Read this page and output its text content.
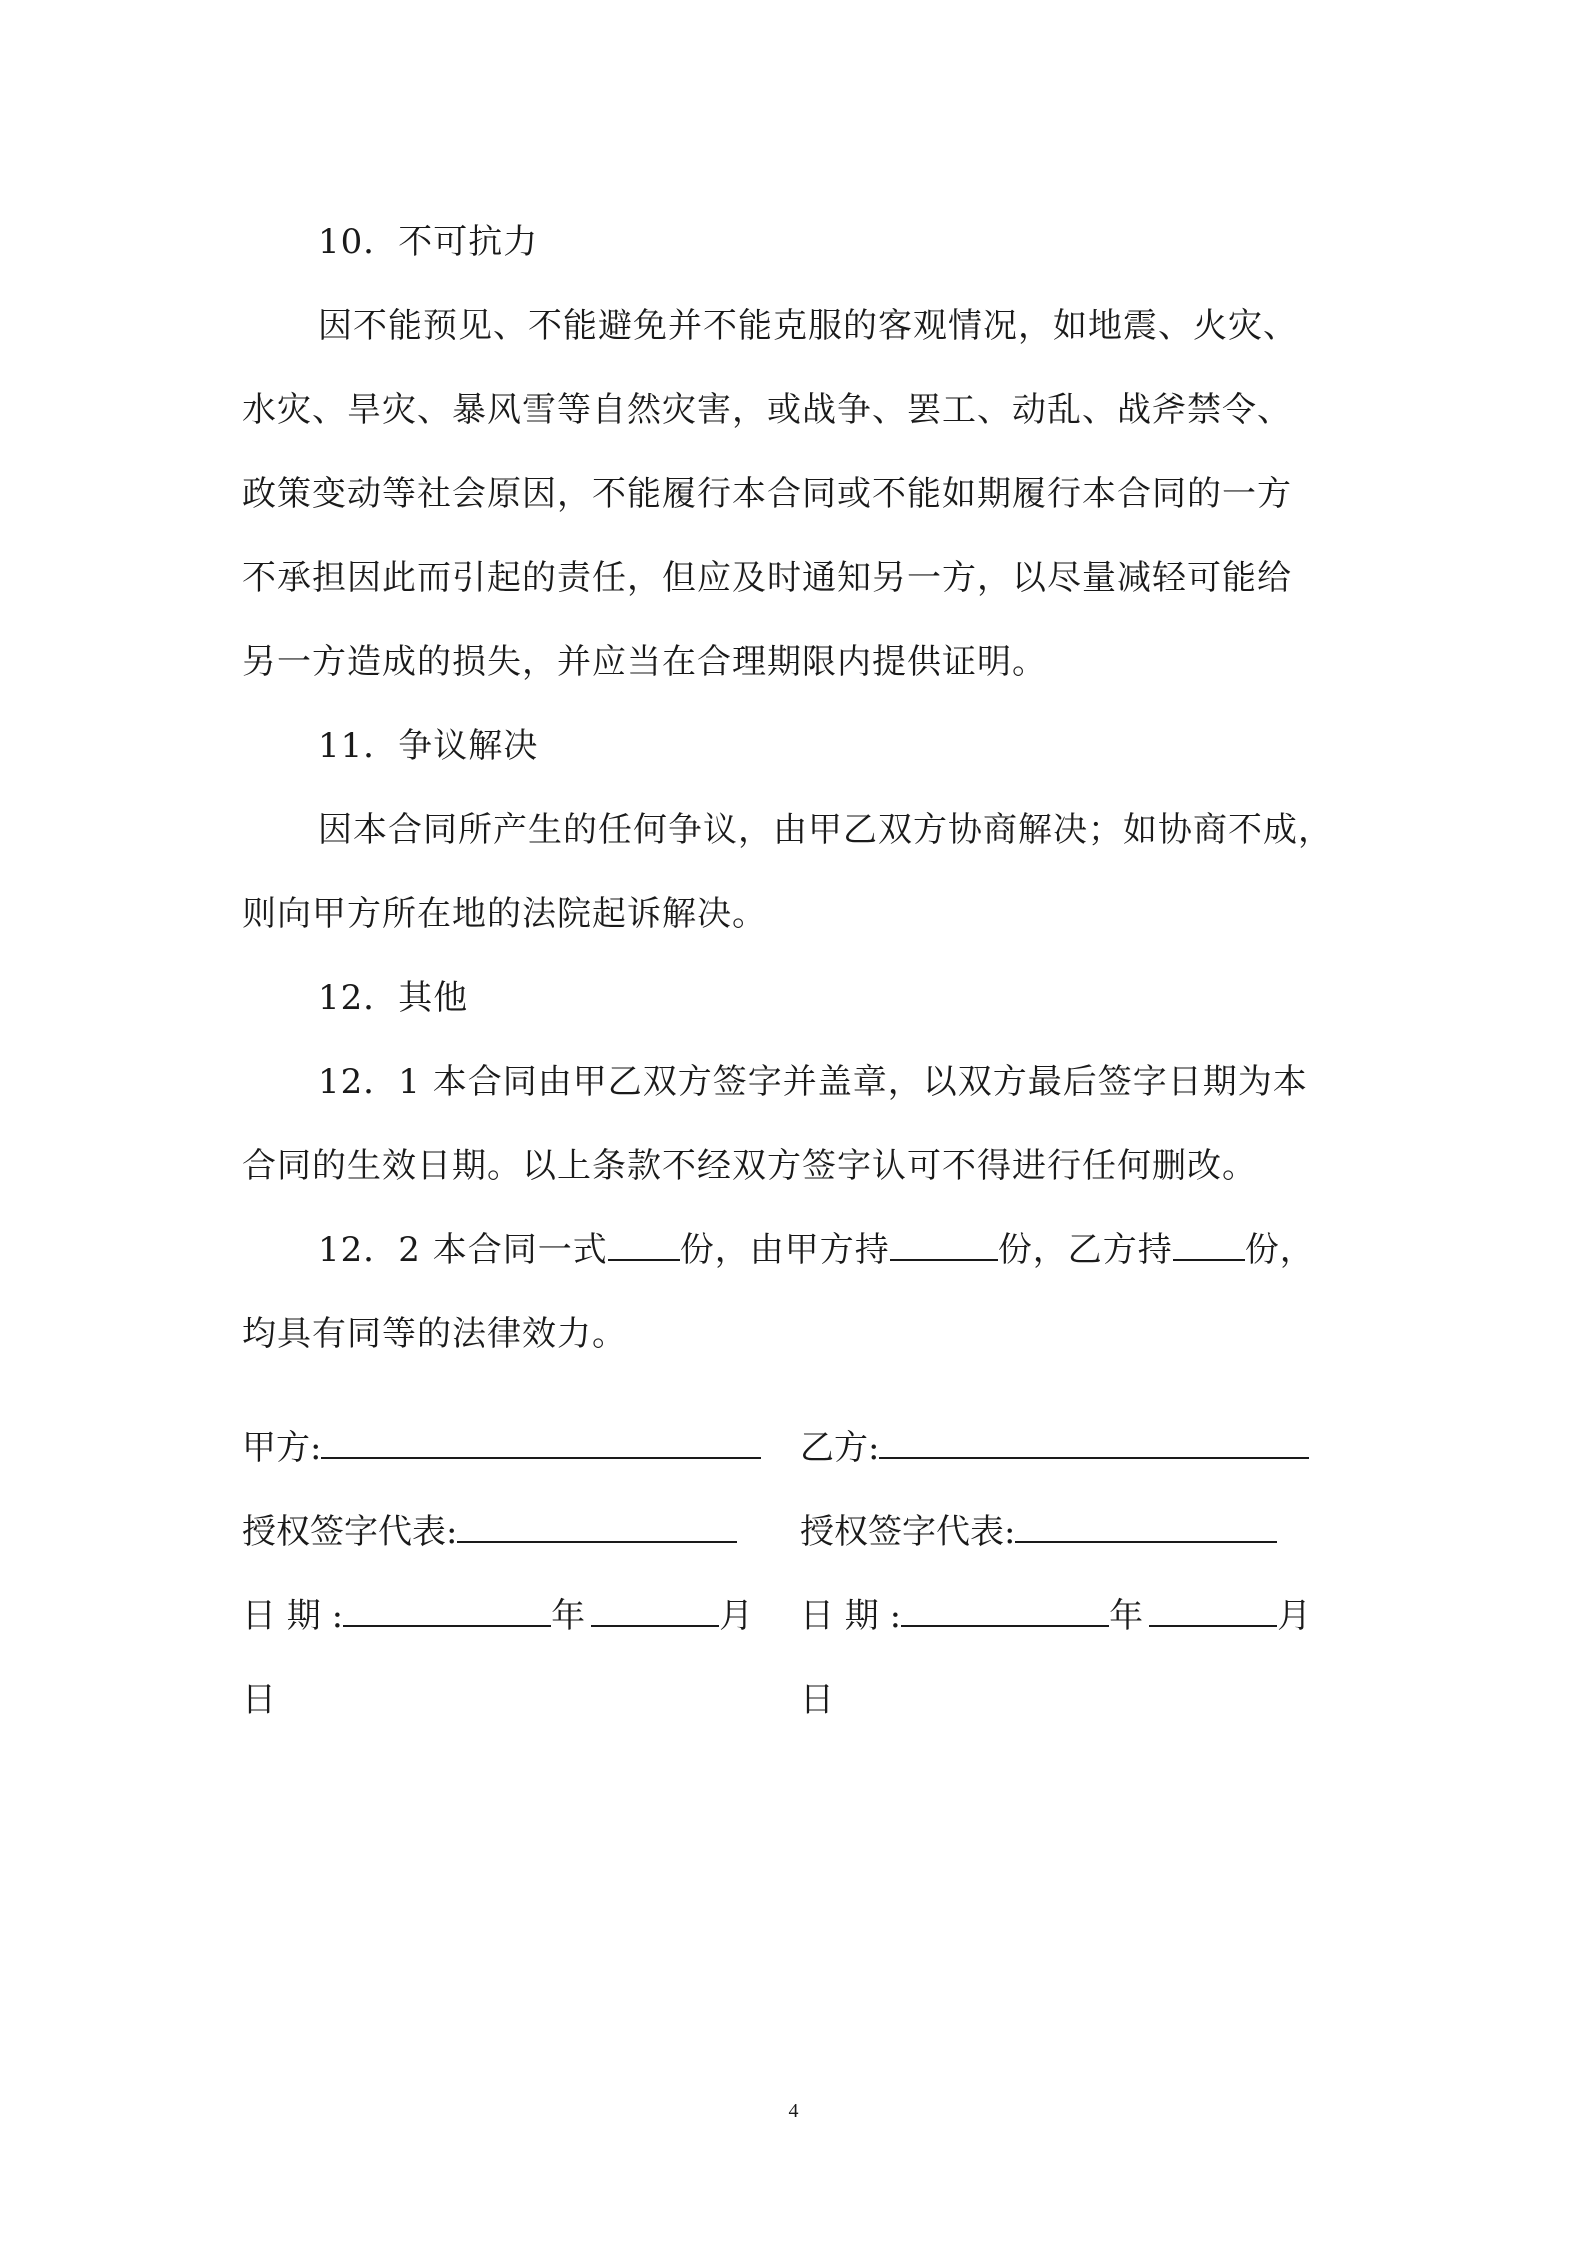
10．不可抗力
因不能预见、不能避免并不能克服的客观情况，如地震、火灾、
水灾、旱灾、暴风雪等自然灾害，或战争、罢工、动乱、战斧禁令、
政策变动等社会原因，不能履行本合同或不能如期履行本合同的一方
不承担因此而引起的责任，但应及时通知另一方，以尽量减轻可能给
另一方造成的损失，并应当在合理期限内提供证明。
11．争议解决
因本合同所产生的任何争议，由甲乙双方协商解决；如协商不成，
则向甲方所在地的法院起诉解决。
12．其他
12．1 本合同由甲乙双方签字并盖章，以双方最后签字日期为本
合同的生效日期。以上条款不经双方签字认可不得进行任何删改。
12．2 本合同一式 份，由甲方持	份，乙方持 份，
均具有同等的法律效力。
甲方:	乙方:
授权签字代表:	授权签字代表:
日 期 :	年	月 日 期 :	年	月
日	日
4
